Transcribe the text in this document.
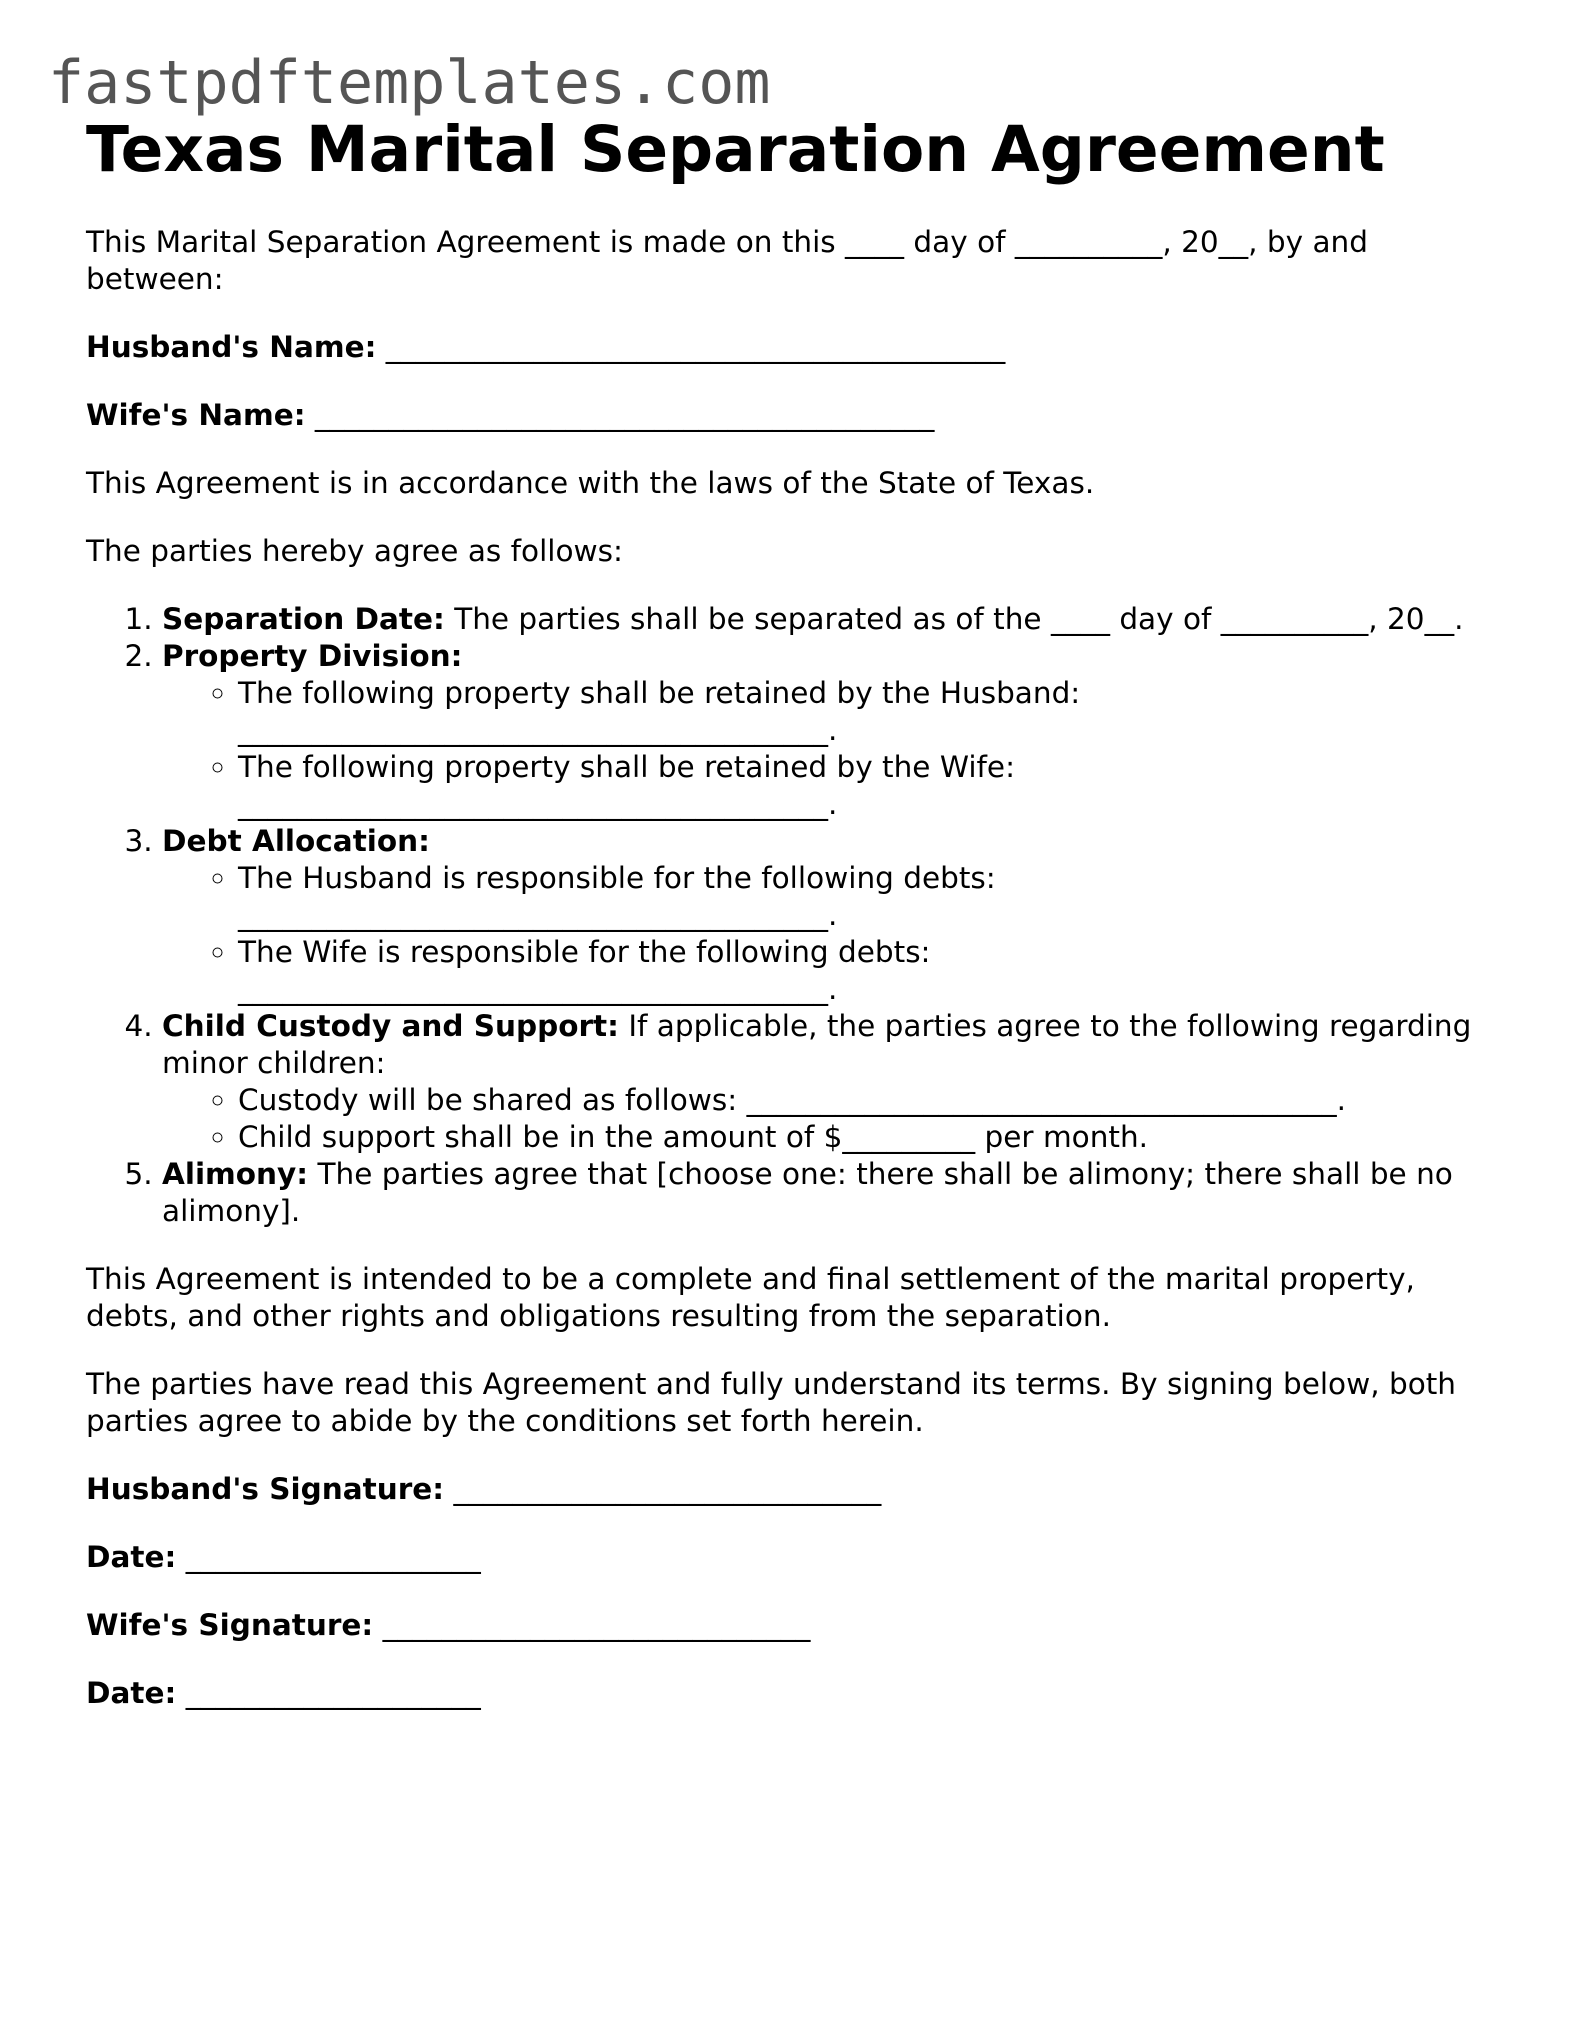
fastpdftemplates.com
Texas Marital Separation Agreement

This Marital Separation Agreement is made on this ____ day of __________, 20__, by and between:

Husband's Name: __________________________________________

Wife's Name: __________________________________________

This Agreement is in accordance with the laws of the State of Texas.

The parties hereby agree as follows:

1. Separation Date: The parties shall be separated as of the ____ day of __________, 20__.
2. Property Division:
◦ The following property shall be retained by the Husband: ________________________________________.
◦ The following property shall be retained by the Wife: ________________________________________.
3. Debt Allocation:
◦ The Husband is responsible for the following debts: ________________________________________.
◦ The Wife is responsible for the following debts: ________________________________________.
4. Child Custody and Support: If applicable, the parties agree to the following regarding minor children:
◦ Custody will be shared as follows: ________________________________________.
◦ Child support shall be in the amount of $_________ per month.
5. Alimony: The parties agree that [choose one: there shall be alimony; there shall be no alimony].

This Agreement is intended to be a complete and final settlement of the marital property, debts, and other rights and obligations resulting from the separation.

The parties have read this Agreement and fully understand its terms. By signing below, both parties agree to abide by the conditions set forth herein.

Husband's Signature: _____________________________

Date: ____________________

Wife's Signature: _____________________________

Date: ____________________
